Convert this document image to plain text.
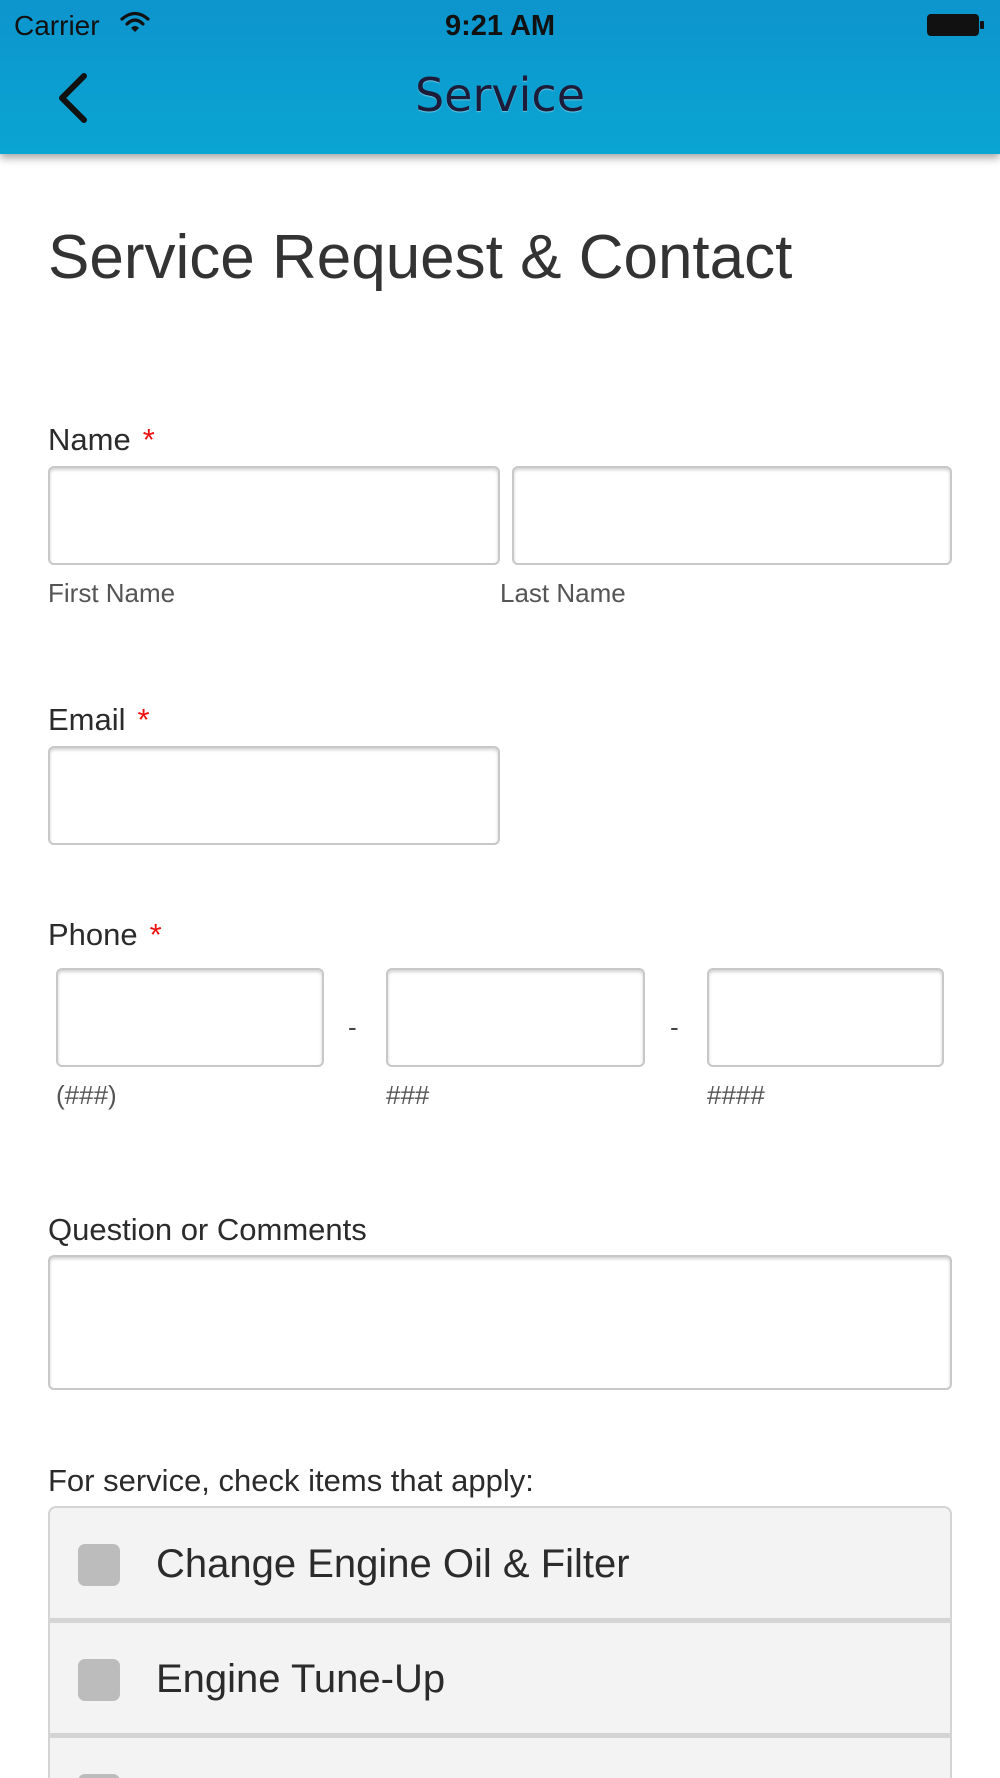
Carrier	9:21 AM
Service
Service Request & Contact
Name *
First Name	Last Name
Email *
Phone *
-	-
(###)	###	####
Question or Comments
For service, check items that apply:
Change Engine Oil & Filter
Engine Tune-Up
